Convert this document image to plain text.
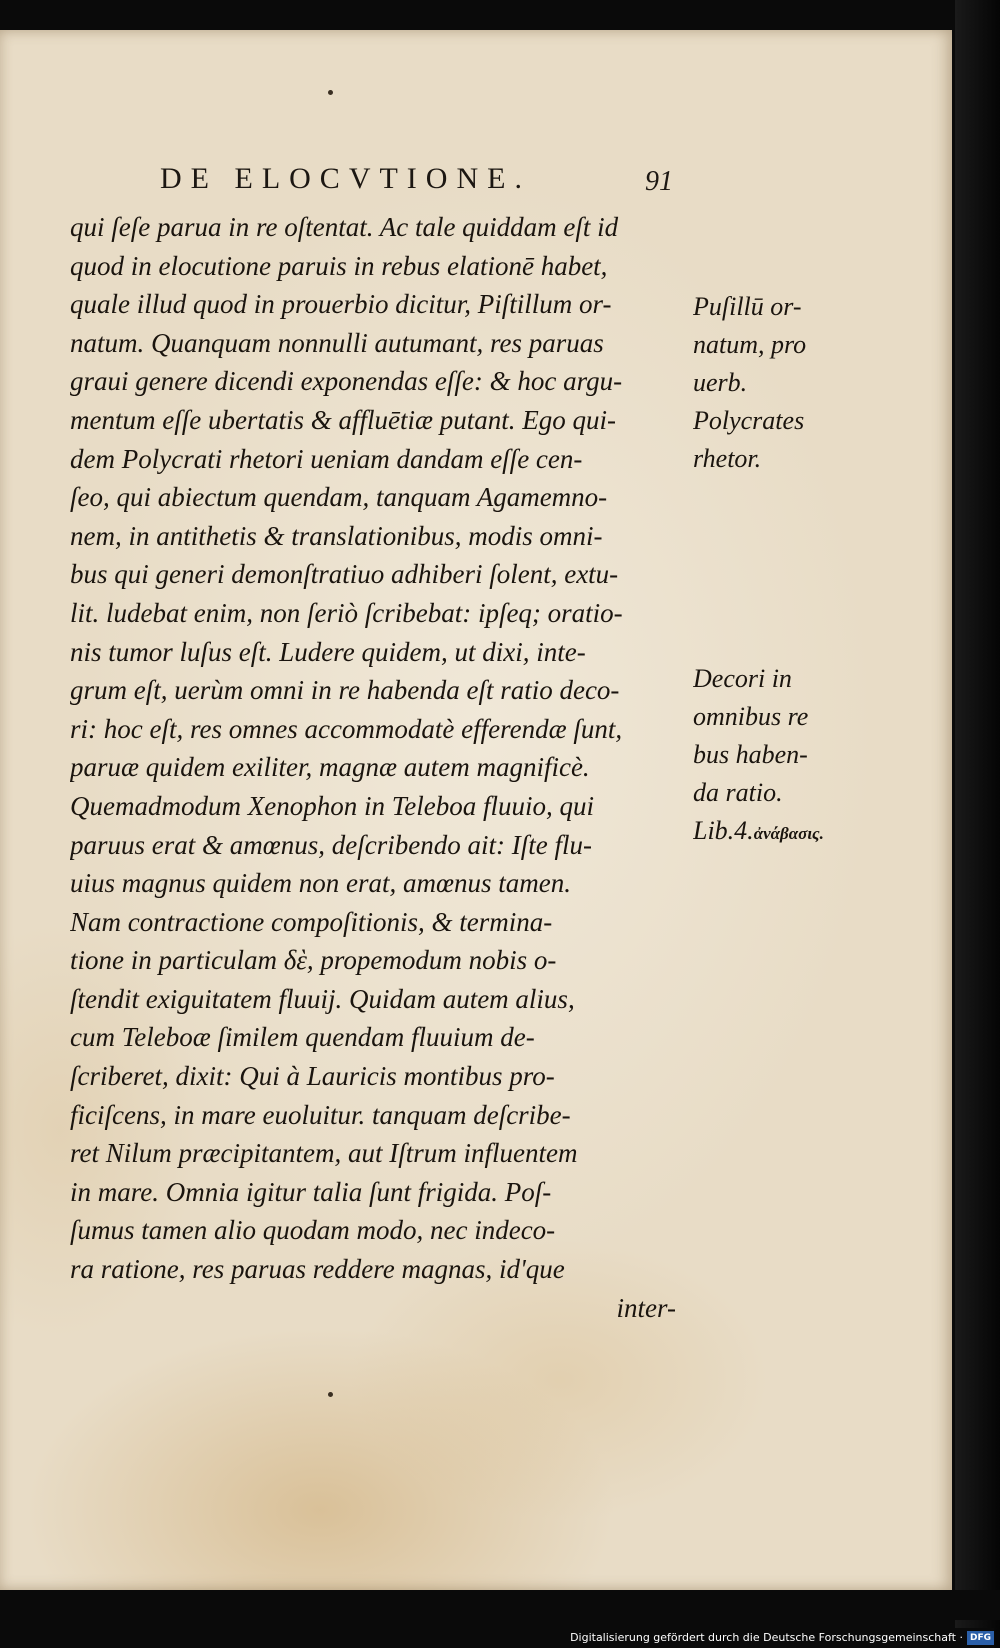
DE ELOCVTIONE.	91
qui ſeſe parua in re oſtentat. Ac tale quiddam eſt id
quod in elocutione paruis in rebus elationē habet,
quale illud quod in prouerbio dicitur, Piſtillum or-
natum. Quanquam nonnulli autumant, res paruas
graui genere dicendi exponendas eſſe: & hoc argu-
mentum eſſe ubertatis & affluētiæ putant. Ego qui-
dem Polycrati rhetori ueniam dandam eſſe cen-
ſeo, qui abiectum quendam, tanquam Agamemno-
nem, in antithetis & translationibus, modis omni-
bus qui generi demonſtratiuo adhiberi ſolent, extu-
lit. ludebat enim, non ſeriò ſcribebat: ipſeq; oratio-
nis tumor luſus eſt. Ludere quidem, ut dixi, inte-
grum eſt, uerùm omni in re habenda eſt ratio deco-
ri: hoc eſt, res omnes accommodatè efferendæ ſunt,
paruæ quidem exiliter, magnæ autem magnificè.
Quemadmodum Xenophon in Teleboa fluuio, qui
paruus erat & amœnus, deſcribendo ait: Iſte flu-
uius magnus quidem non erat, amœnus tamen.
Nam contractione compoſitionis, & termina-
tione in particulam δὲ, propemodum nobis o-
ſtendit exiguitatem fluuij. Quidam autem alius,
cum Teleboæ ſimilem quendam fluuium de-
ſcriberet, dixit: Qui à Lauricis montibus pro-
ficiſcens, in mare euoluitur. tanquam deſcribe-
ret Nilum præcipitantem, aut Iſtrum influentem
in mare. Omnia igitur talia ſunt frigida. Poſ-
ſumus tamen alio quodam modo, nec indeco-
ra ratione, res paruas reddere magnas, id'que
inter-
Puſillū or-
natum, pro
uerb.
Polycrates
rhetor.
Decori in
omnibus re
bus haben-
da ratio.
Lib.4.ἀνάβασις.
Digitalisierung gefördert durch die Deutsche Forschungsgemeinschaft · DFG
